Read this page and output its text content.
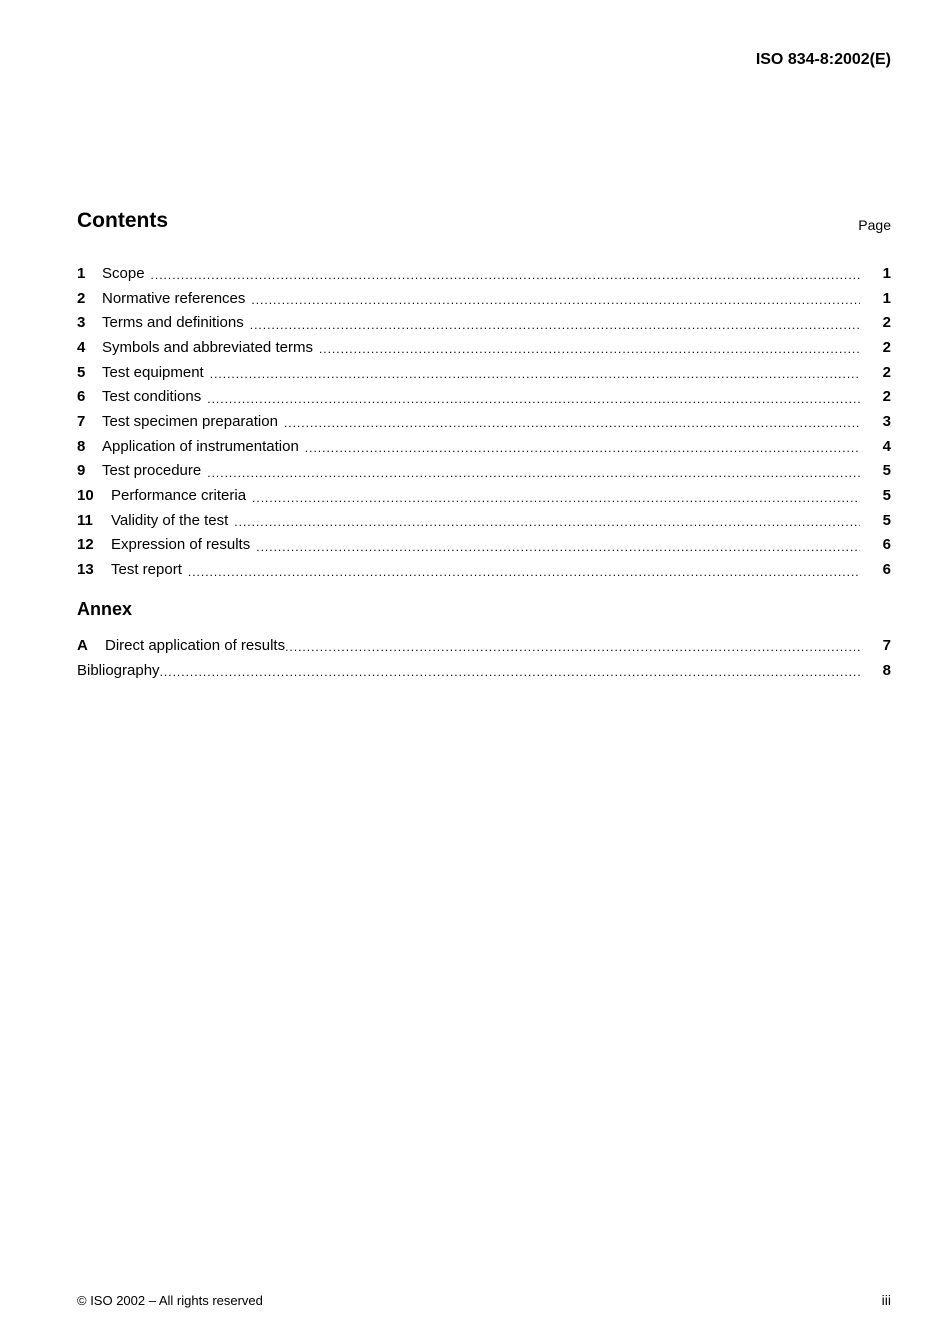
ISO 834-8:2002(E)
Contents	Page
1	Scope .....	1
2	Normative references .....	1
3	Terms and definitions .....	2
4	Symbols and abbreviated terms .....	2
5	Test equipment .....	2
6	Test conditions .....	2
7	Test specimen preparation .....	3
8	Application of instrumentation .....	4
9	Test procedure .....	5
10	Performance criteria .....	5
11	Validity of the test .....	5
12	Expression of results .....	6
13	Test report .....	6
Annex
A	Direct application of results .....	7
Bibliography .....	8
© ISO 2002 – All rights reserved	iii
